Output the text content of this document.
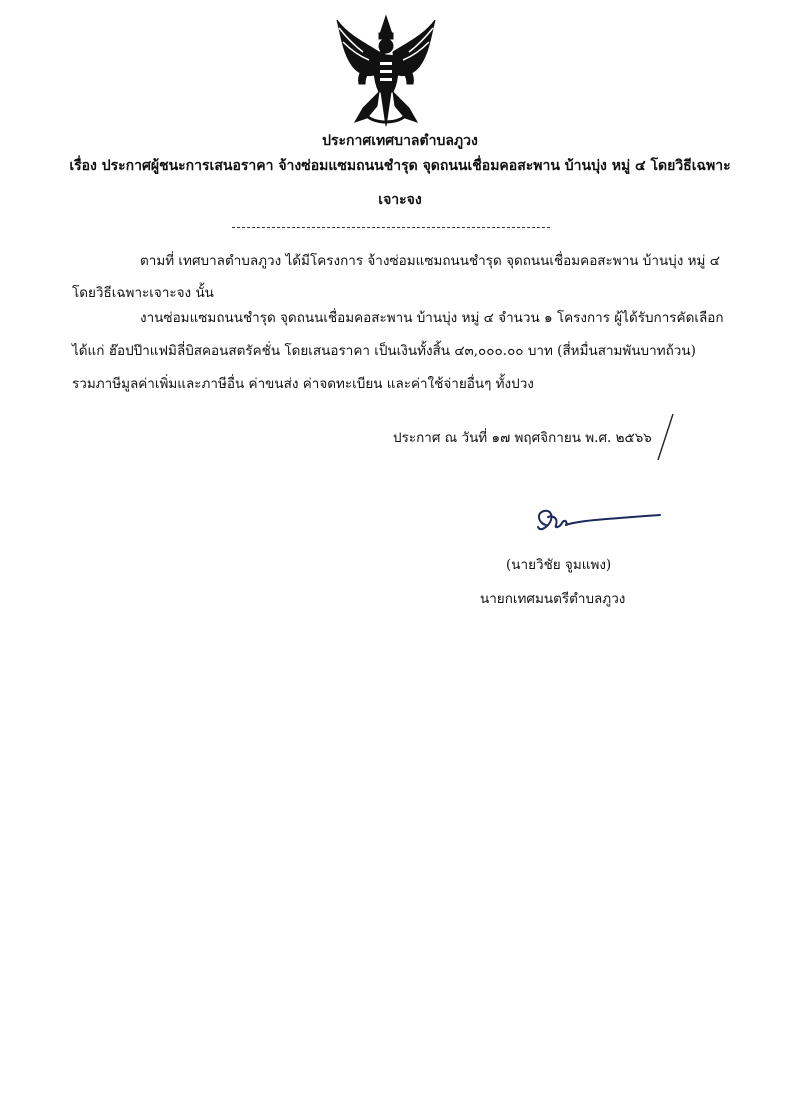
ประกาศเทศบาลตำบลภูวง
เรื่อง ประกาศผู้ชนะการเสนอราคา จ้างซ่อมแซมถนนชำรุด จุดถนนเชื่อมคอสะพาน บ้านบุ่ง หมู่ ๔ โดยวิธีเฉพาะ
เจาะจง
ตามที่ เทศบาลตำบลภูวง ได้มีโครงการ จ้างซ่อมแซมถนนชำรุด จุดถนนเชื่อมคอสะพาน บ้านบุ่ง หมู่ ๔
โดยวิธีเฉพาะเจาะจง นั้น
งานซ่อมแซมถนนชำรุด จุดถนนเชื่อมคอสะพาน บ้านบุ่ง หมู่ ๔ จำนวน ๑ โครงการ ผู้ได้รับการคัดเลือก
ได้แก่ ฮ๊อปป๊าแฟมิลี่บิสคอนสตรัคชั่น โดยเสนอราคา เป็นเงินทั้งสิ้น ๔๓,๐๐๐.๐๐ บาท (สี่หมื่นสามพันบาทถ้วน)
รวมภาษีมูลค่าเพิ่มและภาษีอื่น ค่าขนส่ง ค่าจดทะเบียน และค่าใช้จ่ายอื่นๆ ทั้งปวง
ประกาศ ณ วันที่ ๑๗ พฤศจิกายน พ.ศ. ๒๕๖๖
(นายวิชัย จูมแพง)
นายกเทศมนตรีตำบลภูวง
